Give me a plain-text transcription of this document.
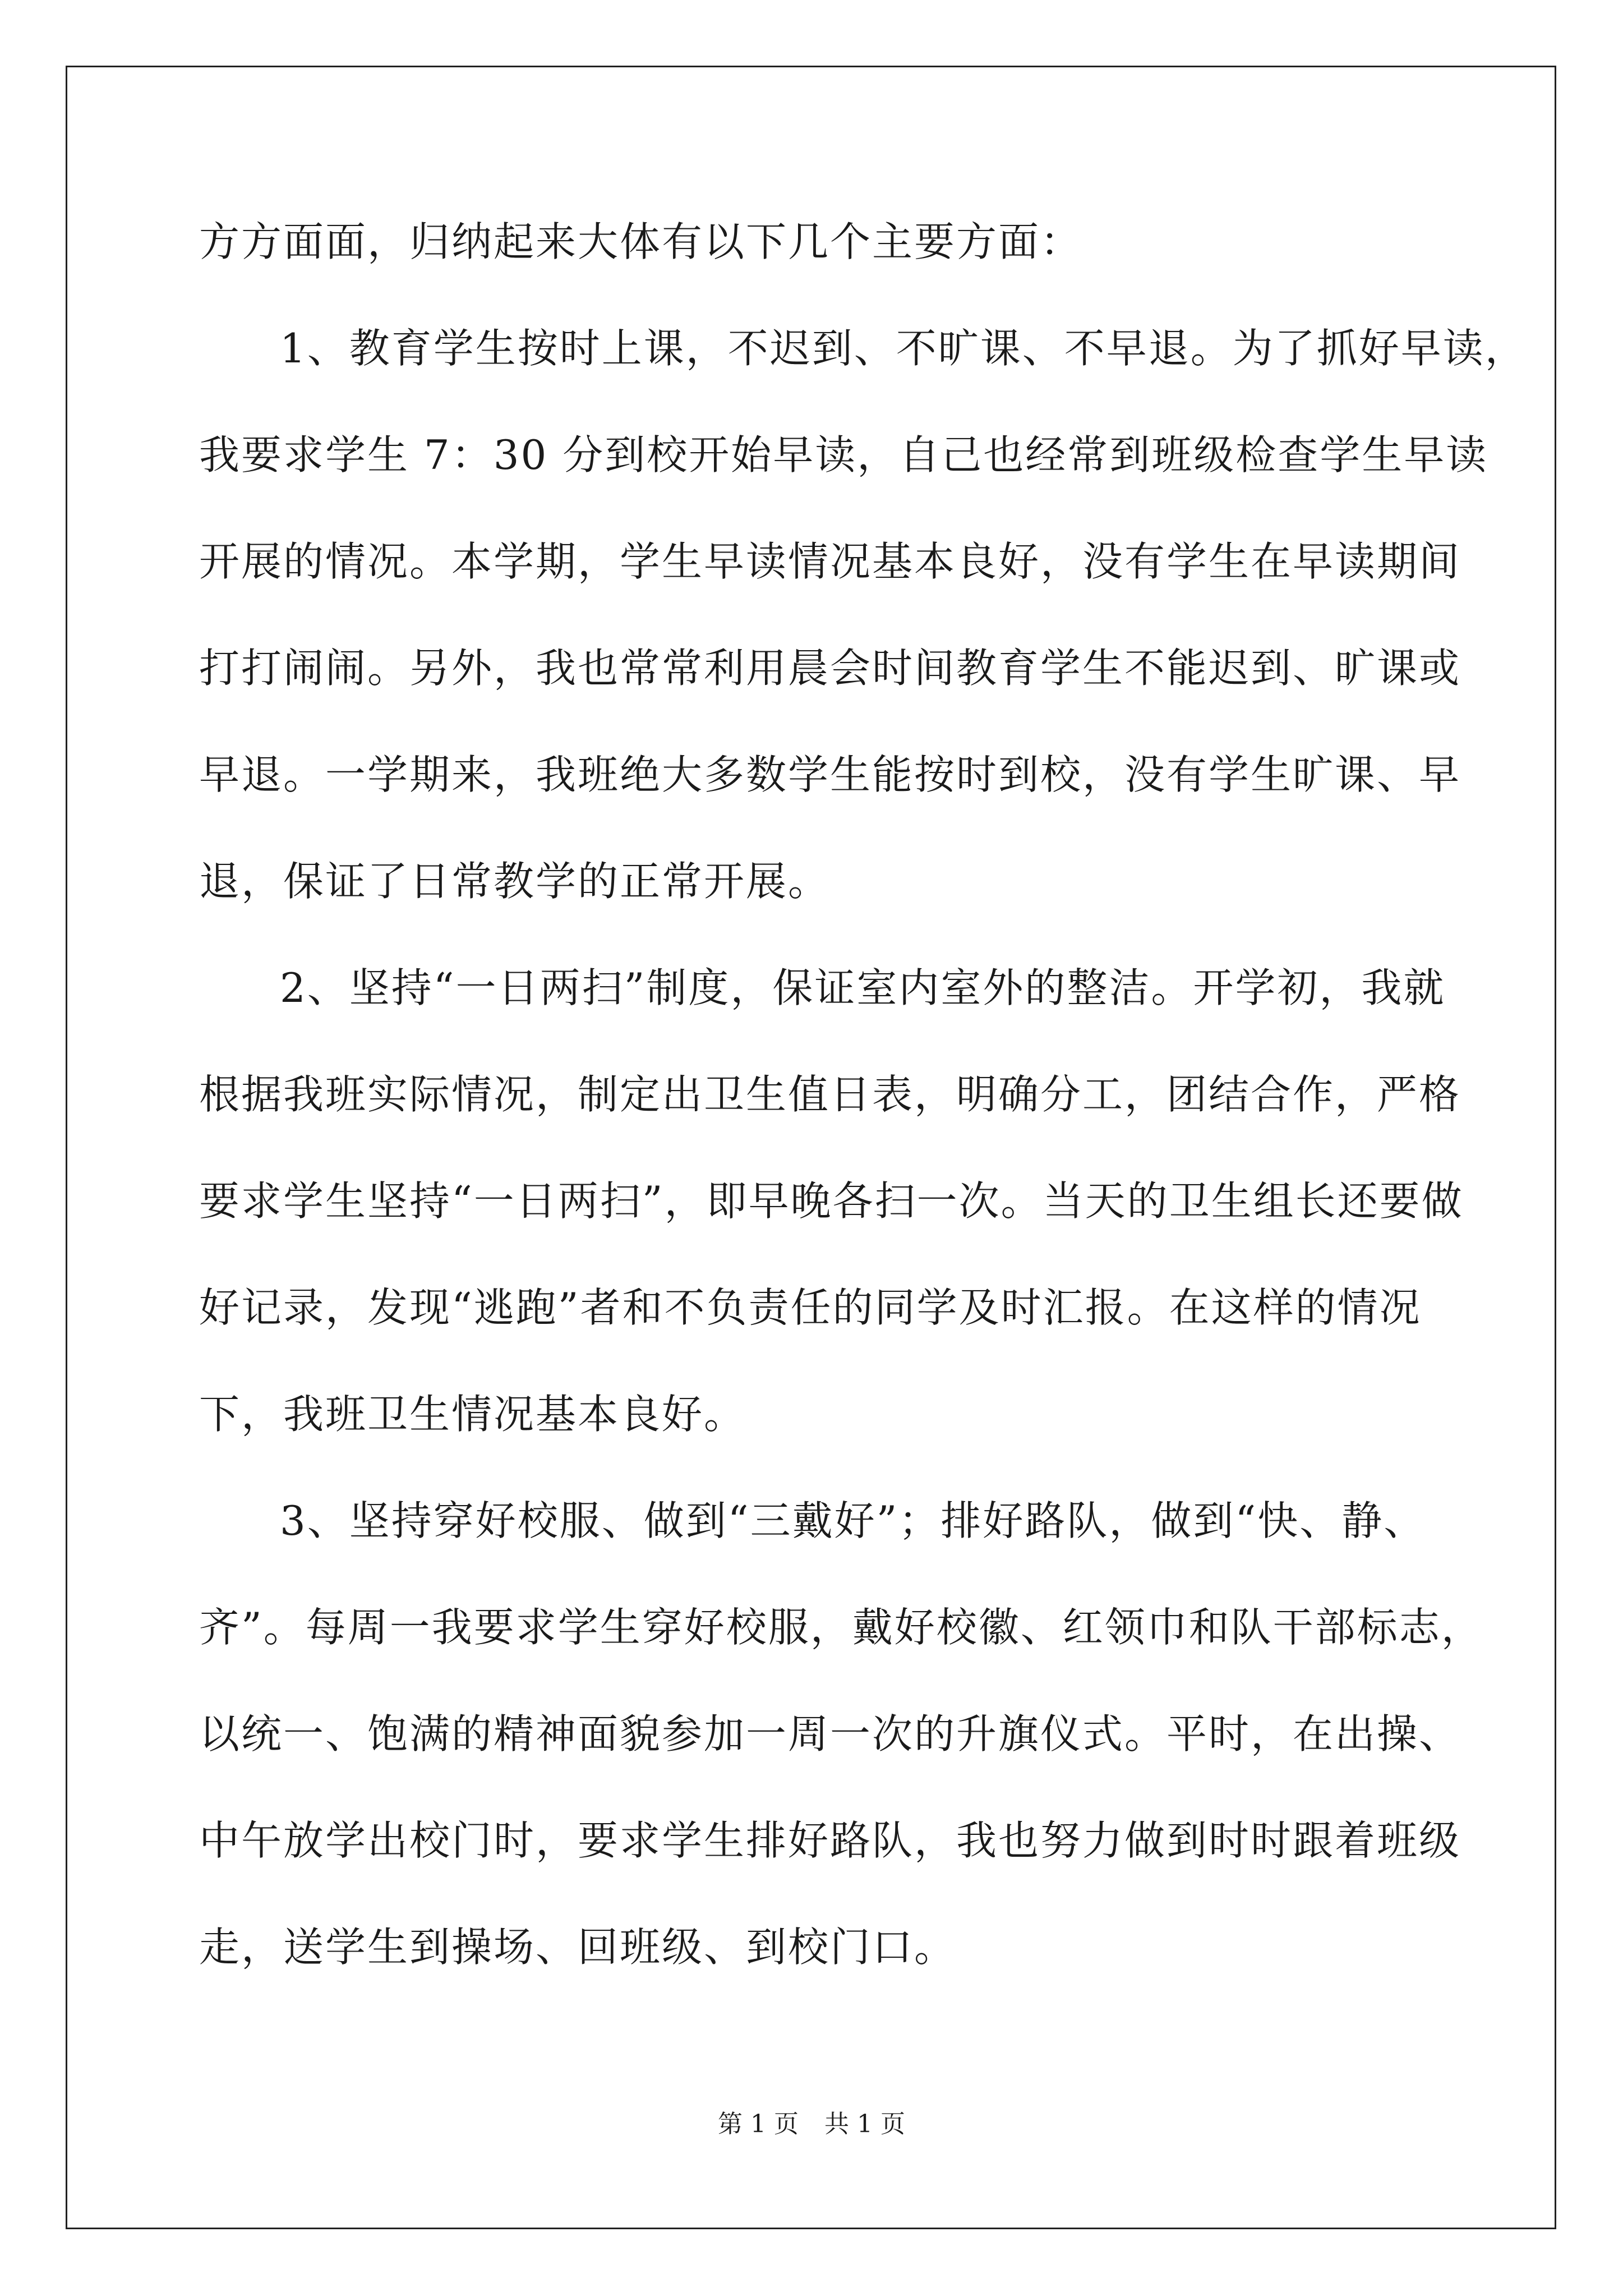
方方面面，归纳起来大体有以下几个主要方面：
1、教育学生按时上课，不迟到、不旷课、不早退。为了抓好早读，
我要求学生 7：30 分到校开始早读，自己也经常到班级检查学生早读
开展的情况。本学期，学生早读情况基本良好，没有学生在早读期间
打打闹闹。另外，我也常常利用晨会时间教育学生不能迟到、旷课或
早退。一学期来，我班绝大多数学生能按时到校，没有学生旷课、早
退，保证了日常教学的正常开展。
2、坚持“一日两扫”制度，保证室内室外的整洁。开学初，我就
根据我班实际情况，制定出卫生值日表，明确分工，团结合作，严格
要求学生坚持“一日两扫”，即早晚各扫一次。当天的卫生组长还要做
好记录，发现“逃跑”者和不负责任的同学及时汇报。在这样的情况
下，我班卫生情况基本良好。
3、坚持穿好校服、做到“三戴好”；排好路队，做到“快、静、
齐”。每周一我要求学生穿好校服，戴好校徽、红领巾和队干部标志，
以统一、饱满的精神面貌参加一周一次的升旗仪式。平时，在出操、
中午放学出校门时，要求学生排好路队，我也努力做到时时跟着班级
走，送学生到操场、回班级、到校门口。
第 1 页 共 1 页
